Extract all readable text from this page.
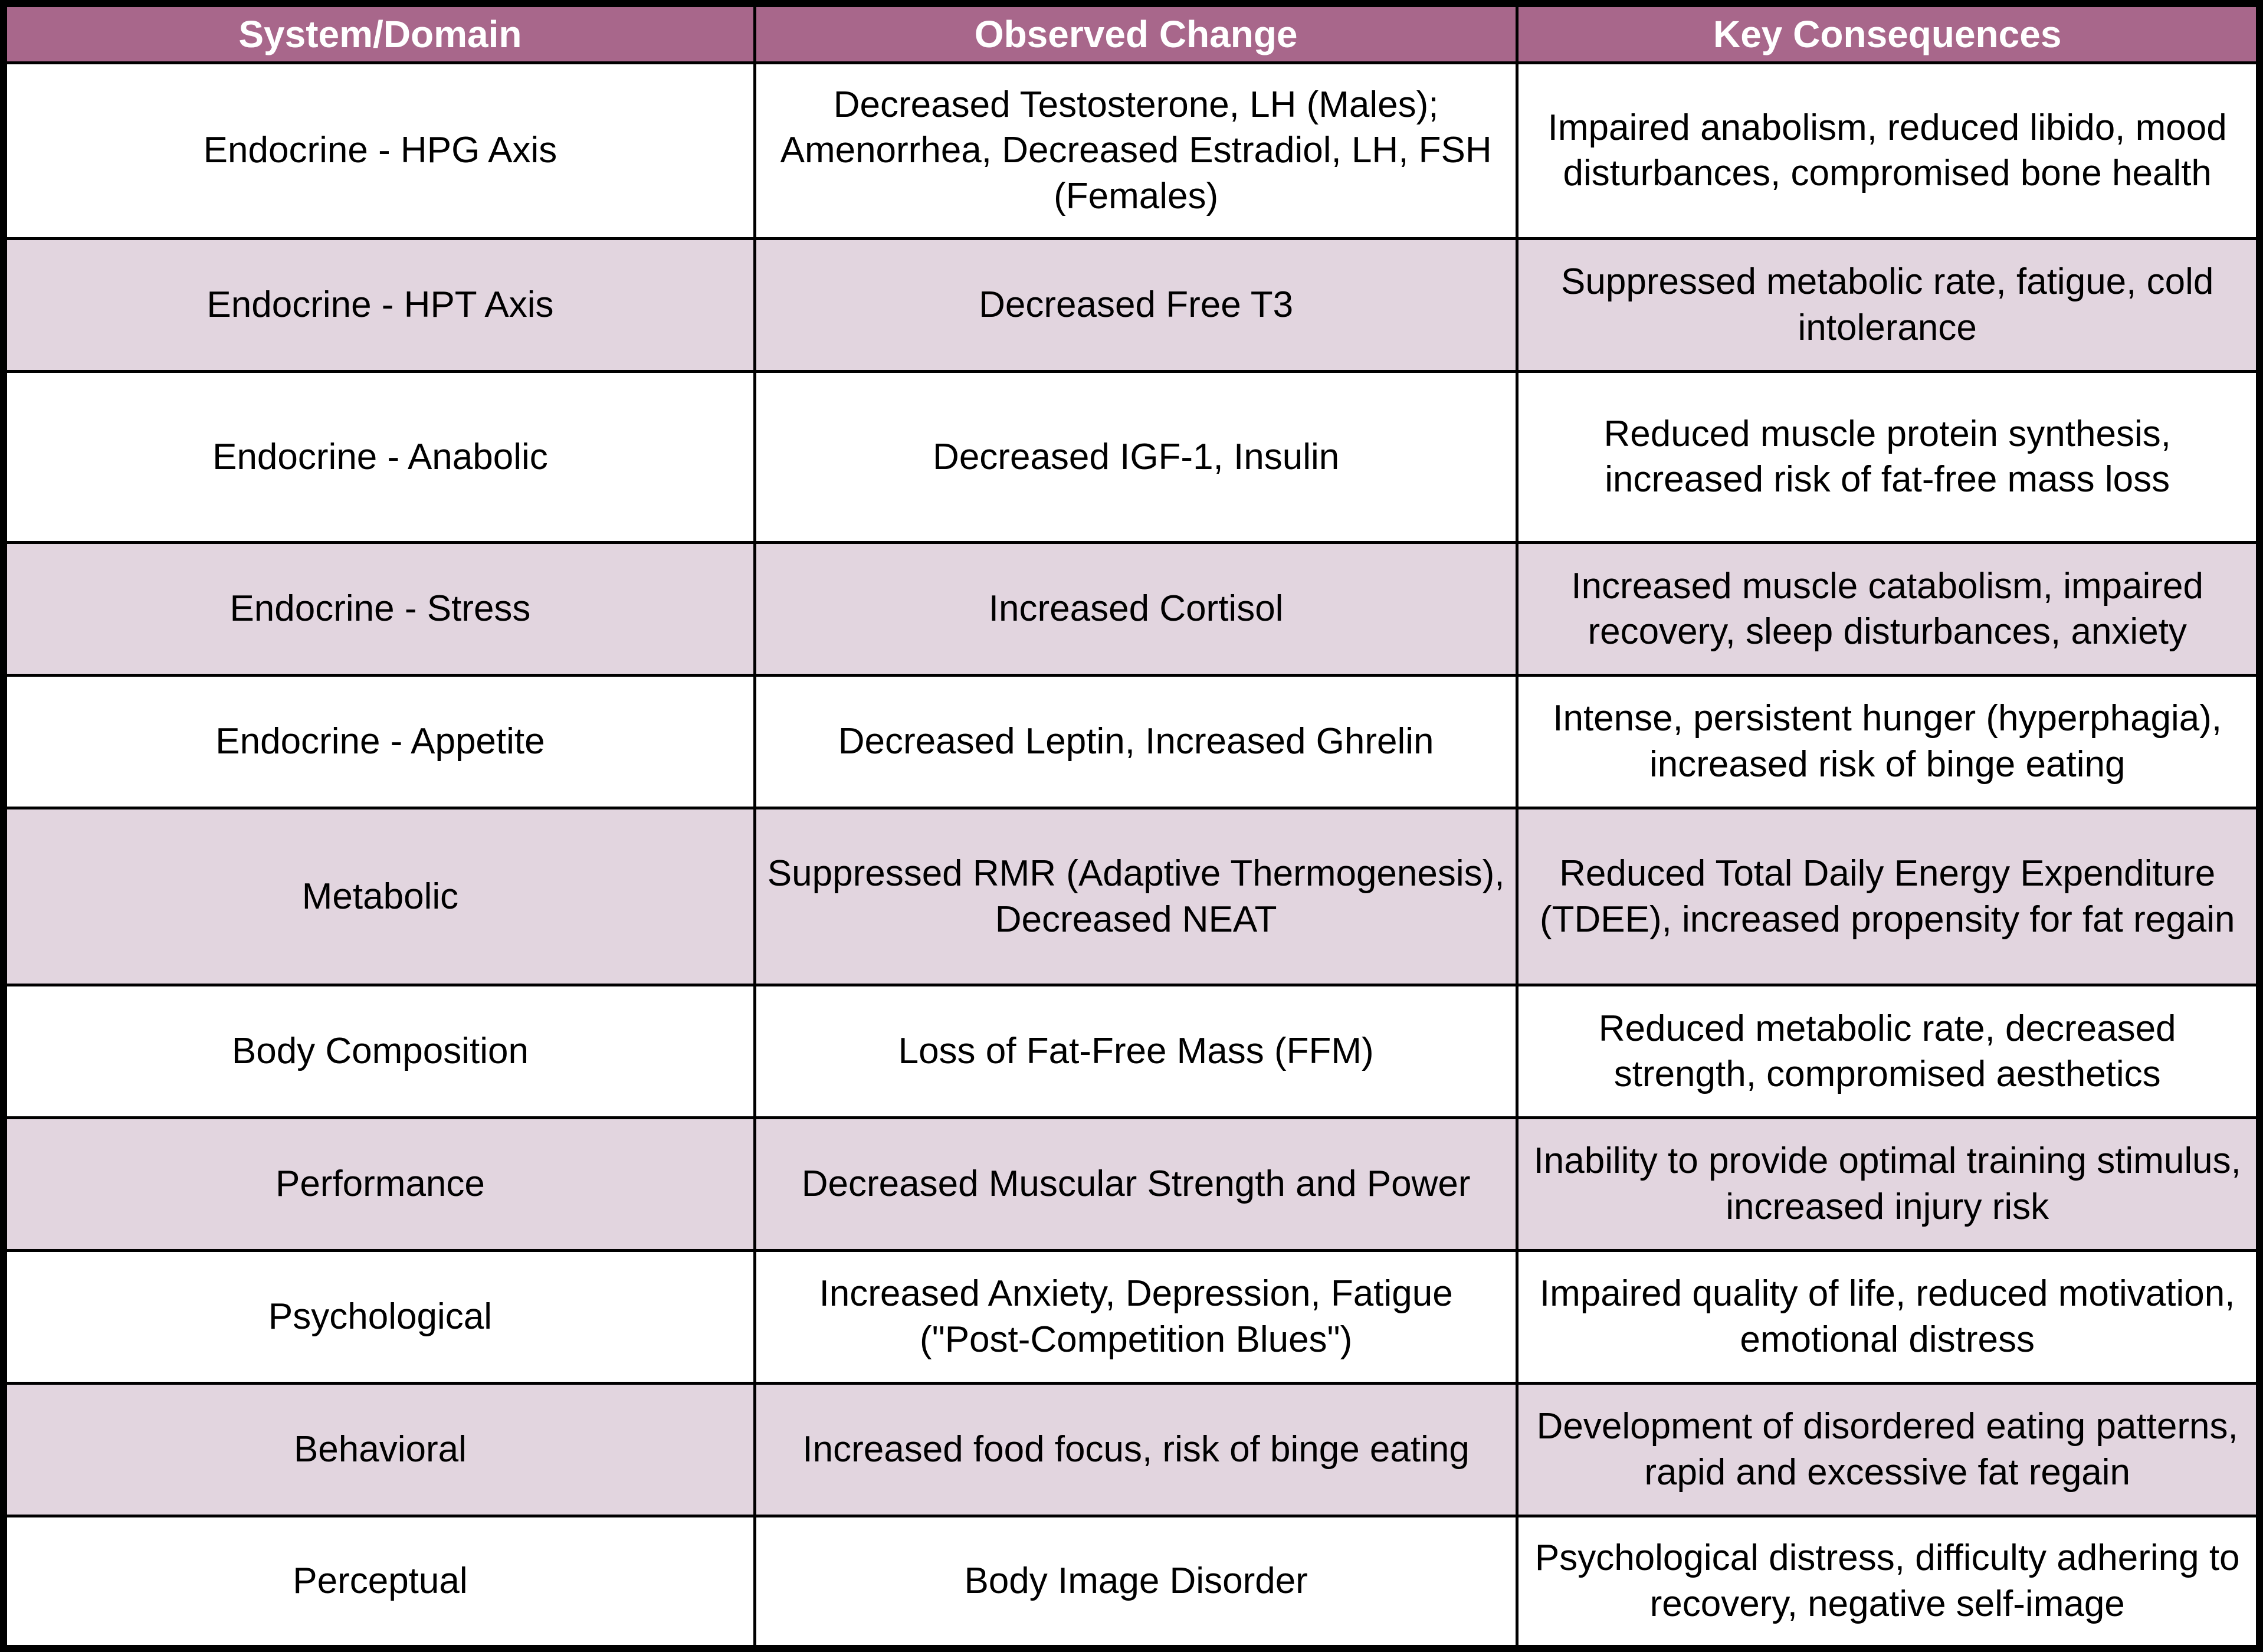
System/Domain	Observed Change	Key Consequences
Endocrine - HPG Axis	Decreased Testosterone, LH (Males); Amenorrhea, Decreased Estradiol, LH, FSH (Females)	Impaired anabolism, reduced libido, mood disturbances, compromised bone health
Endocrine - HPT Axis	Decreased Free T3	Suppressed metabolic rate, fatigue, cold intolerance
Endocrine - Anabolic	Decreased IGF-1, Insulin	Reduced muscle protein synthesis, increased risk of fat-free mass loss
Endocrine - Stress	Increased Cortisol	Increased muscle catabolism, impaired recovery, sleep disturbances, anxiety
Endocrine - Appetite	Decreased Leptin, Increased Ghrelin	Intense, persistent hunger (hyperphagia), increased risk of binge eating
Metabolic	Suppressed RMR (Adaptive Thermogenesis), Decreased NEAT	Reduced Total Daily Energy Expenditure (TDEE), increased propensity for fat regain
Body Composition	Loss of Fat-Free Mass (FFM)	Reduced metabolic rate, decreased strength, compromised aesthetics
Performance	Decreased Muscular Strength and Power	Inability to provide optimal training stimulus, increased injury risk
Psychological	Increased Anxiety, Depression, Fatigue ("Post-Competition Blues")	Impaired quality of life, reduced motivation, emotional distress
Behavioral	Increased food focus, risk of binge eating	Development of disordered eating patterns, rapid and excessive fat regain
Perceptual	Body Image Disorder	Psychological distress, difficulty adhering to recovery, negative self-image
